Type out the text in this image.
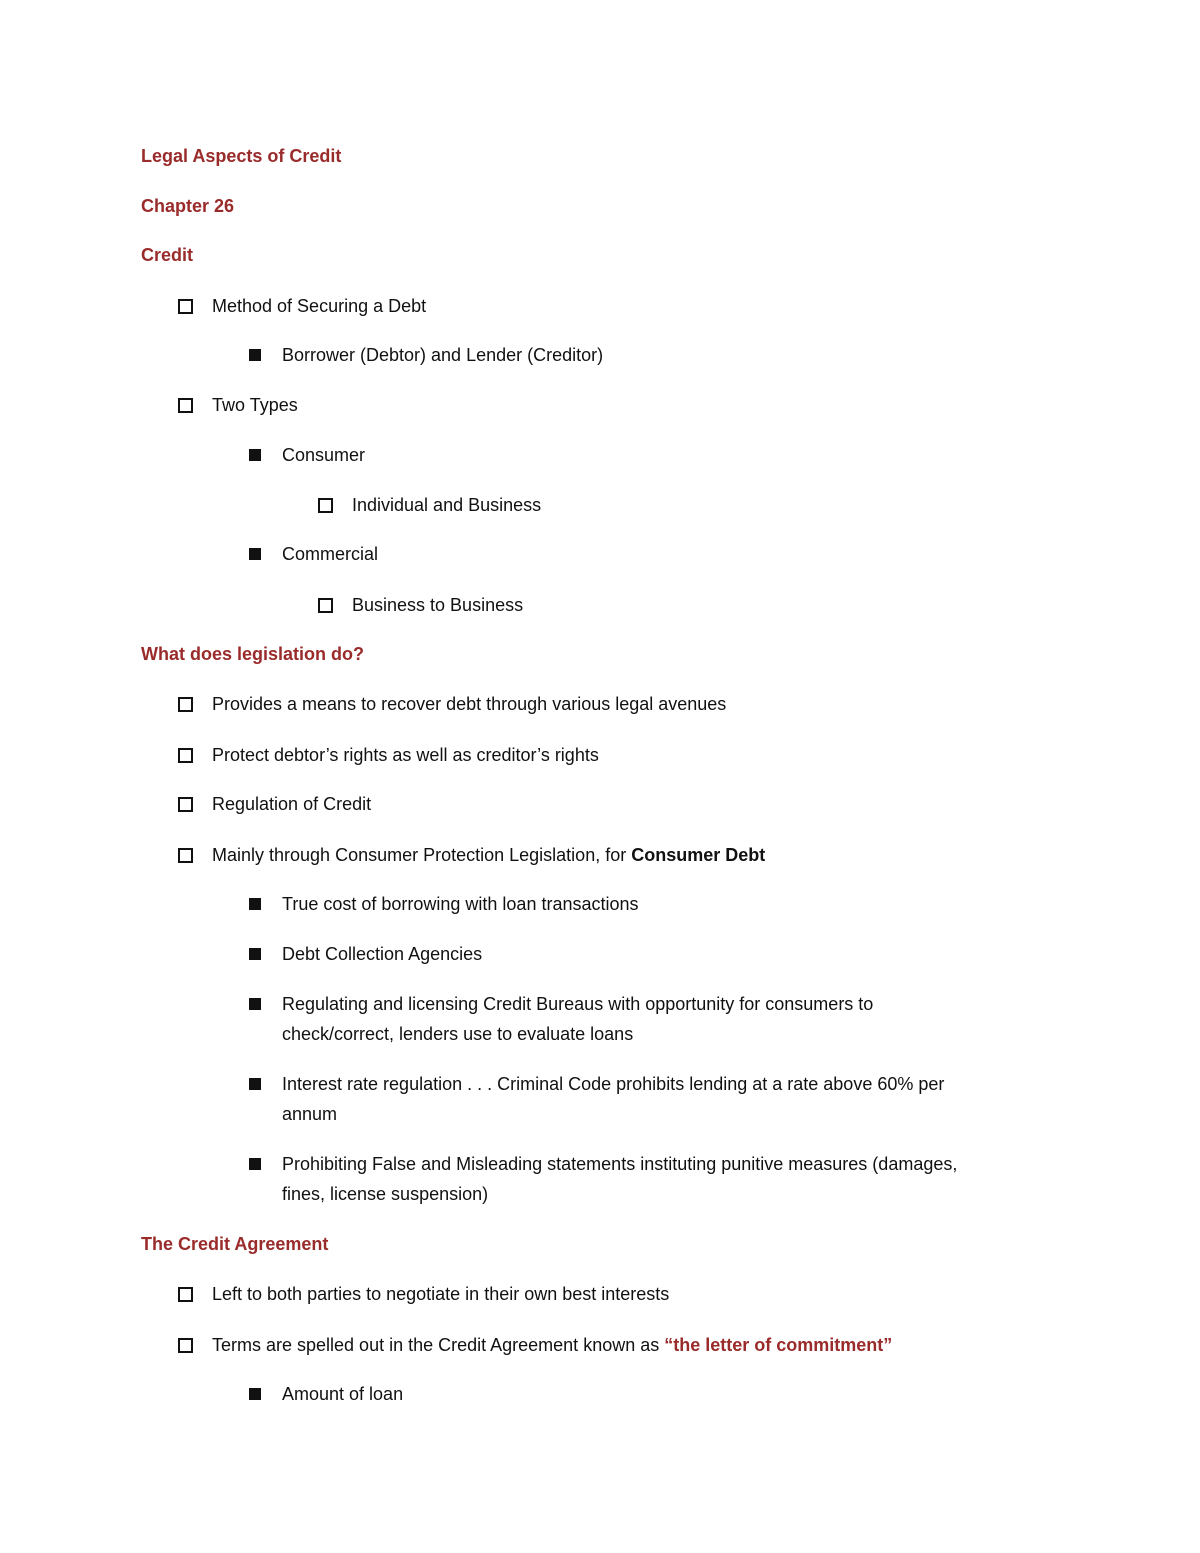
Legal Aspects of Credit
Chapter 26
Credit
Method of Securing a Debt
Borrower (Debtor) and Lender (Creditor)
Two Types
Consumer
Individual and Business
Commercial
Business to Business
What does legislation do?
Provides a means to recover debt through various legal avenues
Protect debtor’s rights as well as creditor’s rights
Regulation of Credit
Mainly through Consumer Protection Legislation, for Consumer Debt
True cost of borrowing with loan transactions
Debt Collection Agencies
Regulating and licensing Credit Bureaus with opportunity for consumers to
check/correct, lenders use to evaluate loans
Interest rate regulation . . . Criminal Code prohibits lending at a rate above 60% per
annum
Prohibiting False and Misleading statements instituting punitive measures (damages,
fines, license suspension)
The Credit Agreement
Left to both parties to negotiate in their own best interests
Terms are spelled out in the Credit Agreement known as “the letter of commitment”
Amount of loan
